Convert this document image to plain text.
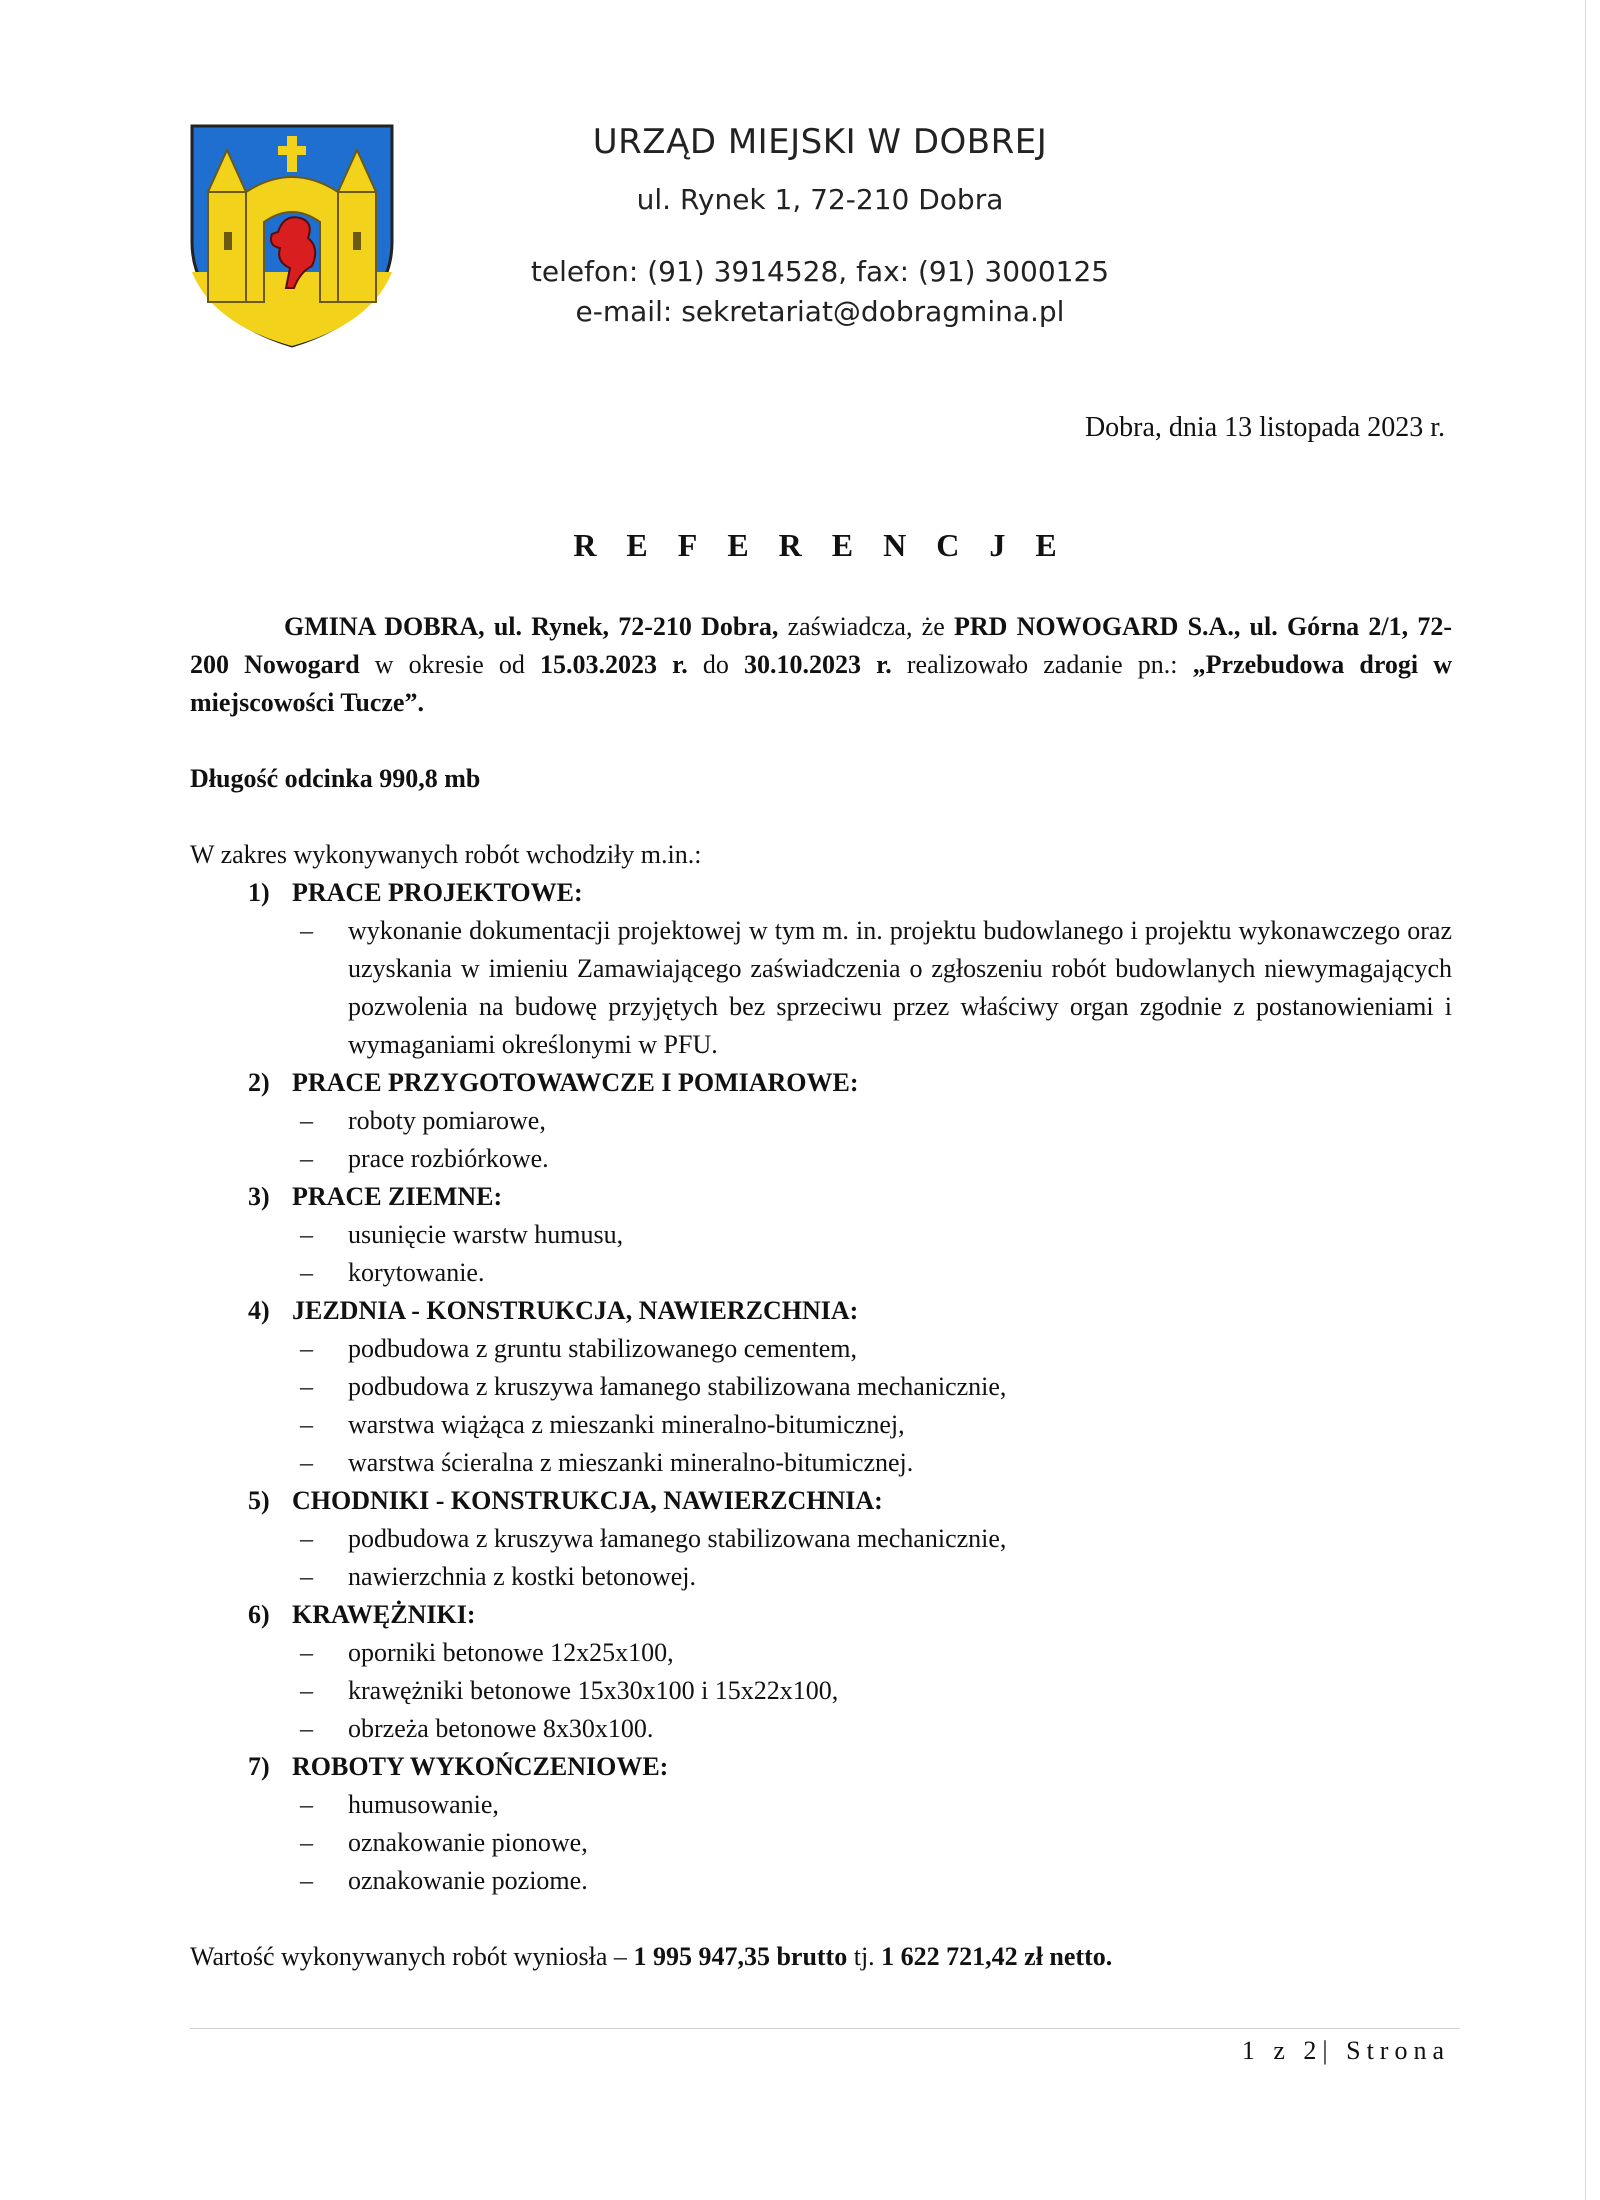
URZĄD MIEJSKI W DOBREJ
ul. Rynek 1, 72-210 Dobra
telefon: (91) 3914528, fax: (91) 3000125
e-mail: sekretariat@dobragmina.pl
Dobra, dnia 13 listopada 2023 r.
REFERENCJE

GMINA DOBRA, ul. Rynek, 72-210 Dobra, zaświadcza, że PRD NOWOGARD S.A., ul. Górna 2/1, 72-200 Nowogard w okresie od 15.03.2023 r. do 30.10.2023 r. realizowało zadanie pn.: „Przebudowa drogi w miejscowości Tucze”.

Długość odcinka 990,8 mb
W zakres wykonywanych robót wchodziły m.in.:
1) PRACE PROJEKTOWE:
– wykonanie dokumentacji projektowej w tym m. in. projektu budowlanego i projektu wykonawczego oraz uzyskania w imieniu Zamawiającego zaświadczenia o zgłoszeniu robót budowlanych niewymagających pozwolenia na budowę przyjętych bez sprzeciwu przez właściwy organ zgodnie z postanowieniami i wymaganiami określonymi w PFU.
2) PRACE PRZYGOTOWAWCZE I POMIAROWE:
– roboty pomiarowe,
– prace rozbiórkowe.
3) PRACE ZIEMNE:
– usunięcie warstw humusu,
– korytowanie.
4) JEZDNIA - KONSTRUKCJA, NAWIERZCHNIA:
– podbudowa z gruntu stabilizowanego cementem,
– podbudowa z kruszywa łamanego stabilizowana mechanicznie,
– warstwa wiążąca z mieszanki mineralno-bitumicznej,
– warstwa ścieralna z mieszanki mineralno-bitumicznej.
5) CHODNIKI - KONSTRUKCJA, NAWIERZCHNIA:
– podbudowa z kruszywa łamanego stabilizowana mechanicznie,
– nawierzchnia z kostki betonowej.
6) KRAWĘŻNIKI:
– oporniki betonowe 12x25x100,
– krawężniki betonowe 15x30x100 i 15x22x100,
– obrzeża betonowe 8x30x100.
7) ROBOTY WYKOŃCZENIOWE:
– humusowanie,
– oznakowanie pionowe,
– oznakowanie poziome.
Wartość wykonywanych robót wyniosła – 1 995 947,35 brutto tj. 1 622 721,42 zł netto.
1 z 2| Strona
